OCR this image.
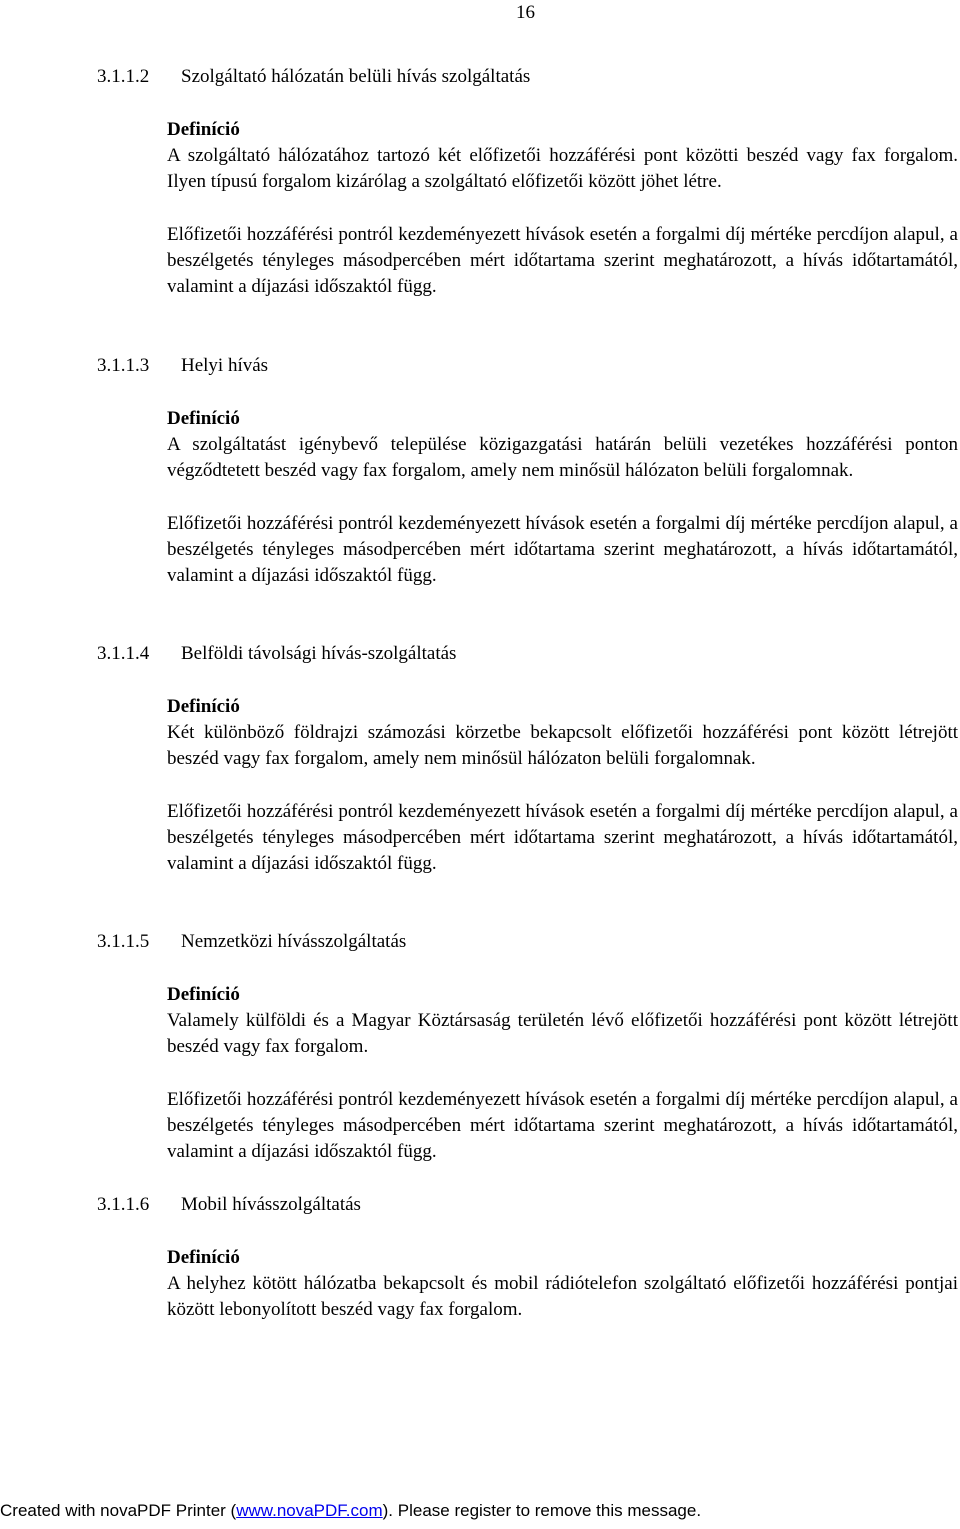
16

3.1.1.2 Szolgáltató hálózatán belüli hívás szolgáltatás

Definíció

A szolgáltató hálózatához tartozó két előfizetői hozzáférési pont közötti beszéd vagy fax forgalom. Ilyen típusú forgalom kizárólag a szolgáltató előfizetői között jöhet létre.

Előfizetői hozzáférési pontról kezdeményezett hívások esetén a forgalmi díj mértéke percdíjon alapul, a beszélgetés tényleges másodpercében mért időtartama szerint meghatározott, a hívás időtartamától, valamint a díjazási időszaktól függ.

3.1.1.3 Helyi hívás

Definíció

A szolgáltatást igénybevő települése közigazgatási határán belüli vezetékes hozzáférési ponton végződtetett beszéd vagy fax forgalom, amely nem minősül hálózaton belüli forgalomnak.

Előfizetői hozzáférési pontról kezdeményezett hívások esetén a forgalmi díj mértéke percdíjon alapul, a beszélgetés tényleges másodpercében mért időtartama szerint meghatározott, a hívás időtartamától, valamint a díjazási időszaktól függ.

3.1.1.4 Belföldi távolsági hívás-szolgáltatás

Definíció

Két különböző földrajzi számozási körzetbe bekapcsolt előfizetői hozzáférési pont között létrejött beszéd vagy fax forgalom, amely nem minősül hálózaton belüli forgalomnak.

Előfizetői hozzáférési pontról kezdeményezett hívások esetén a forgalmi díj mértéke percdíjon alapul, a beszélgetés tényleges másodpercében mért időtartama szerint meghatározott, a hívás időtartamától, valamint a díjazási időszaktól függ.

3.1.1.5 Nemzetközi hívásszolgáltatás

Definíció

Valamely külföldi és a Magyar Köztársaság területén lévő előfizetői hozzáférési pont között létrejött beszéd vagy fax forgalom.

Előfizetői hozzáférési pontról kezdeményezett hívások esetén a forgalmi díj mértéke percdíjon alapul, a beszélgetés tényleges másodpercében mért időtartama szerint meghatározott, a hívás időtartamától, valamint a díjazási időszaktól függ.

3.1.1.6 Mobil hívásszolgáltatás

Definíció

A helyhez kötött hálózatba bekapcsolt és mobil rádiótelefon szolgáltató előfizetői hozzáférési pontjai között lebonyolított beszéd vagy fax forgalom.

Created with novaPDF Printer (www.novaPDF.com). Please register to remove this message.
